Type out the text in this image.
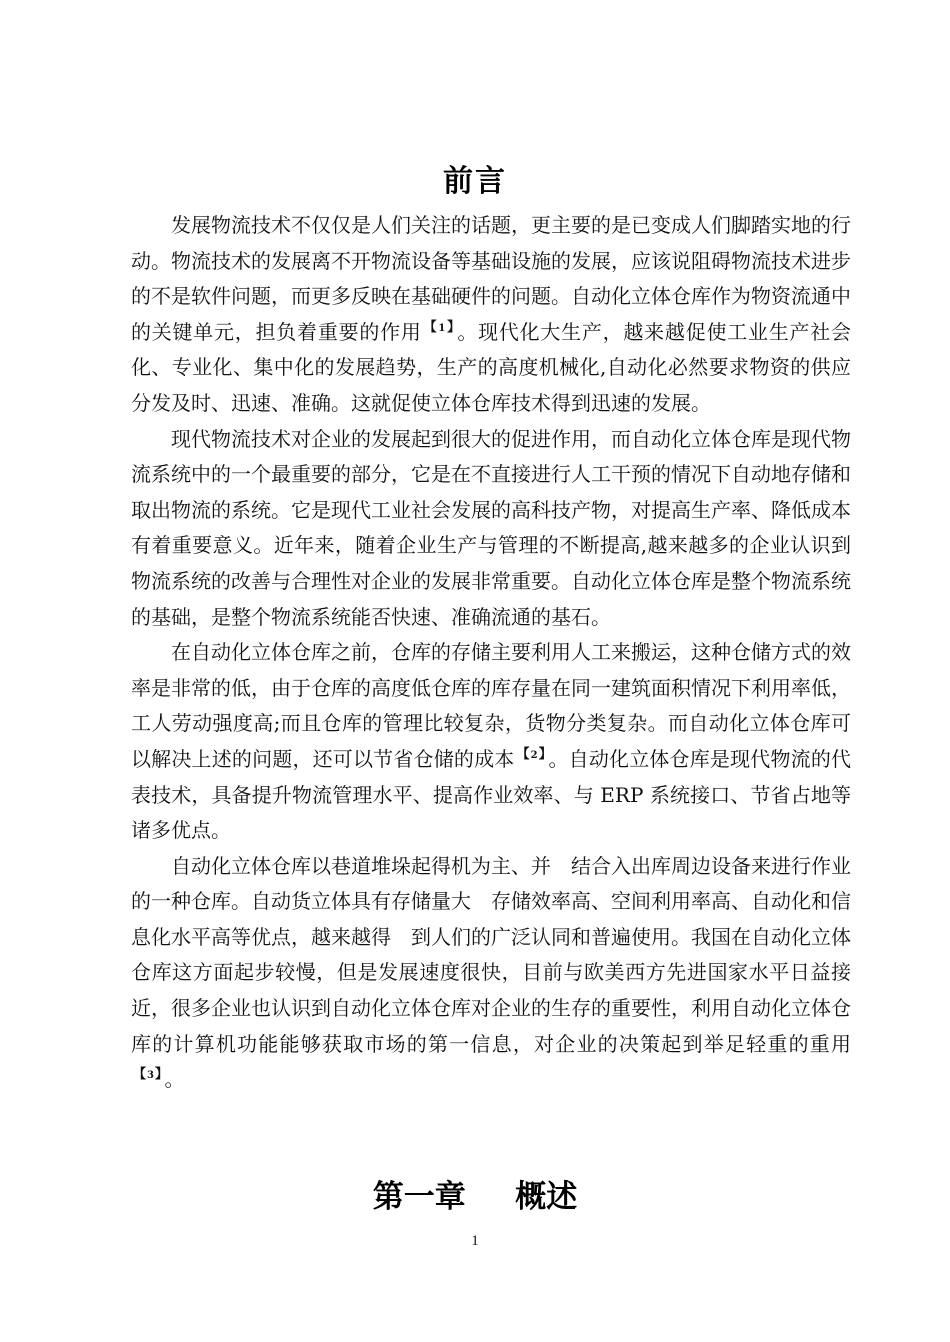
前言

发展物流技术不仅仅是人们关注的话题，更主要的是已变成人们脚踏实地的行动。物流技术的发展离不开物流设备等基础设施的发展，应该说阻碍物流技术进步的不是软件问题，而更多反映在基础硬件的问题。自动化立体仓库作为物资流通中的关键单元，担负着重要的作用 $^{【1】}$ 。现代化大生产，越来越促使工业生产社会化、专业化、集中化的发展趋势，生产的高度机械化,自动化必然要求物资的供应分发及时、迅速、准确。这就促使立体仓库技术得到迅速的发展。

现代物流技术对企业的发展起到很大的促进作用，而自动化立体仓库是现代物流系统中的一个最重要的部分，它是在不直接进行人工干预的情况下自动地存储和取出物流的系统。它是现代工业社会发展的高科技产物，对提高生产率、降低成本有着重要意义。近年来，随着企业生产与管理的不断提高,越来越多的企业认识到物流系统的改善与合理性对企业的发展非常重要。自动化立体仓库是整个物流系统的基础，是整个物流系统能否快速、准确流通的基石。

在自动化立体仓库之前，仓库的存储主要利用人工来搬运，这种仓储方式的效率是非常的低，由于仓库的高度低仓库的库存量在同一建筑面积情况下利用率低，工人劳动强度高;而且仓库的管理比较复杂，货物分类复杂。而自动化立体仓库可以解决上述的问题，还可以节省仓储的成本 $^{【2】}$ 。自动化立体仓库是现代物流的代表技术，具备提升物流管理水平、提高作业效率、与 ERP 系统接口、节省占地等诸多优点。

自动化立体仓库以巷道堆垛起得机为主、并　结合入出库周边设备来进行作业的一种仓库。自动货立体具有存储量大　存储效率高、空间利用率高、自动化和信息化水平高等优点，越来越得　到人们的广泛认同和普遍使用。我国在自动化立体仓库这方面起步较慢，但是发展速度很快，目前与欧美西方先进国家水平日益接近，很多企业也认识到自动化立体仓库对企业的生存的重要性，利用自动化立体仓库的计算机功能能够获取市场的第一信息，对企业的决策起到举足轻重的重用$^{【3】}$ 。

第一章 概述
1
